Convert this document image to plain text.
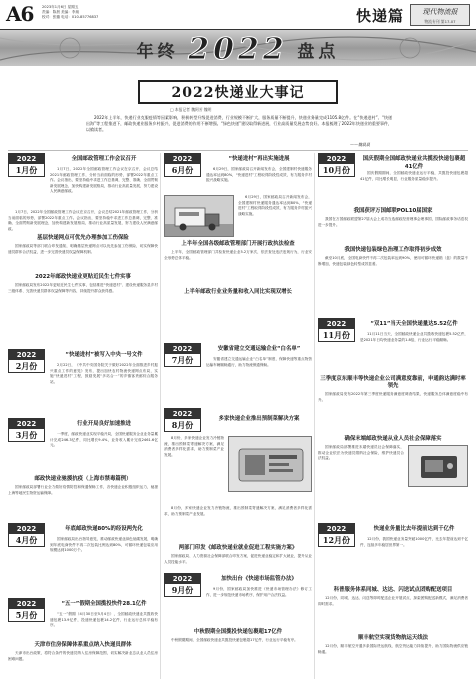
A6 2023年1月6日 星期五
责编：陈晨 美编：李朋
校对：张璐 电话：010-85776837	快递篇	现代物流报
物流专刊 第17-07
年终 2022 盘点
2022快递业大事记
□ 本报记者 魏阿芳 魏明
2022年上半年，快递行业克服疫情等因素影响，积极转型升级促进消费，行业规模不断扩大，服务质量不断提升，快递业务量完成1105.8亿件。在“快递进村”、“快递出海”等工程推进下，邮政快递业服务乡村振兴、促进消费的作用不断增强。“绿色快递”建设取得新进展，行业高质量发展态势良好。本报梳理了2022年快递业的重要事件，以飨读者。
——魏晨晨
2022
1月份
全国邮政管理工作会议召开
1月7日，2022年全国邮政管理工作会议在京召开，会议总结2021年邮政管理工作，分析当前面临的形势，部署2022年重点工作。会议指出，要坚持稳中求进工作总基调，完整、准确、全面贯彻新发展理念，加快构建新发展格局，推动行业高质量发展，努力建设人民满意邮政。
1月7日，2022年全国邮政管理工作会议在京召开，会议总结2021年邮政管理工作，分析当前面临的形势，部署2022年重点工作。会议指出，要坚持稳中求进工作总基调，完整、准确、全面贯彻新发展理念，加快构建新发展格局，推动行业高质量发展，努力建设人民满意邮政。
基层快递网点可优先办理参加工伤保险
国家邮政局等部门联合印发通知，明确基层快递网点可以优先参加工伤保险，切实保障快递员群体合法权益，进一步完善快递员权益保障机制。
2022年邮政快递业更贴近民生七件实事
国家邮政局发布2022年更贴近民生七件实事，包括推进“快递进村”、建设快递服务县乡村三级体系、完善快递员群体权益保障等内容，持续提升群众获得感。
2022
2月份
“快递进村”被写入中央一号文件
2月22日，《中共中央国务院关于做好2022年全面推进乡村振兴重点工作的意见》发布，提出加快农村物流快递网点布局，实施“快递进村”工程，鼓励发展“多站合一”的乡镇客货邮综合服务站。
2022
3月份
行业开局良好加速推进
一季度，邮政快递业实现平稳开局，全国快递服务企业业务量累计完成246.3亿件，同比增长9.4%，业务收入累计完成2461.6亿元。
邮政快递业驰援抗疫（上海市禁毒篇例）
国家邮政局部署行业全力做好疫情防控和保通保畅工作，各快递企业积极组织运力，驰援上海等地民生物资运输保障。
2022
4月份
年底邮政快递80%的经设两先化
国家邮政局出台指导意见，推动邮政快递业绿色低碳发展，明确到年底电商快件不再二次包装比例达到80%，可循环快递包装应用规模达到1000万个。
2022
5月份
“五一”假期全国揽投快件28.1亿件
“五一”假期（4月30日至5月4日），全国邮政快递业共揽收快递包裹13.9亿件，投递快递包裹14.2亿件，行业运行总体平稳有序。
天津市住房保障体系重点纳入快递员群体
天津市出台政策，将符合条件的快递员纳入住房保障范围，切实解决新业态从业人员住房困难问题。
2022
6月份
“快递进村”再出实施进展
6月29日，国家邮政局召开新闻发布会，全国建制村快递服务通达率达到80%，“快递进村”工程取得阶段性成效，有力服务乡村振兴战略实施。
6月29日，国家邮政局召开新闻发布会，全国建制村快递服务通达率达到80%，“快递进村”工程取得阶段性成效，有力服务乡村振兴战略实施。
上半年全国各级邮政管理部门开展行政执法检查
上半年，全国邮政管理部门共检查快递企业5.2万家次，依法查处违法违规行为，行业安全形势总体平稳。
上半年邮政行业业务量和收入同比实现双增长
2022
7月份
安徽省建立交通运输企业“白名单”
安徽省建立交通运输企业“白名单”制度，保障快递等重点物资运输车辆顺畅通行，助力物流保通保畅。
2022
8月份
多家快递企业推出预制菜解决方案
8月份，多家快递企业发力冷链物流，推出预制菜寄递解决方案，满足消费者多样化需求，助力预制菜产业发展。
8月份，多家快递企业发力冷链物流，推出预制菜寄递解决方案，满足消费者多样化需求，助力预制菜产业发展。
两部门印发《邮政快递业就业促进工程实施方案》
国家邮政局、人力资源社会保障部联合印发方案，促进快递业稳定和扩大就业，提升从业人员技能水平。
2022
9月份
加快出台《快递市场监管办法》
9月份，国家邮政局加快推进《快递市场管理办法》修订工作，进一步规范快递市场秩序，保护用户合法权益。
中秋假期全国揽投快递包裹超17亿件
中秋假期期间，全国邮政快递业共揽投快递包裹超17亿件，行业运行平稳有序。
2022
10月份
国庆假期全国邮政快递业共揽投快递包裹超41亿件
国庆假期期间，全国邮政快递业运行平稳，共揽投快递包裹超41亿件，同比增长明显，行业服务质量稳步提升。
我国获评万国邮联POL10届国家
我国在万国邮政联盟第27届大会上成功当选邮政经营理事会理事国，国际邮政事务话语权进一步提升。
我国快递包装绿色治理工作取得初步成效
截至10月底，全国电商快件不再二次包装率达到90%，使用可循环快递箱（盒）的数量不断增加，快递包装绿色转型成效显著。
2022
11月份
“双11”当天全国快递量达5.52亿件
11月11日当天，全国邮政快递企业共揽收快递包裹5.52亿件，是2021年日均快递业务量的1.8倍，行业运行平稳顺畅。
三季度京东顺丰等快递企业公司满意度靠前，申通韵达满时率领先
国家邮政局发布2022年第三季度快递服务满意度调查结果，快递服务总体满意度稳中有升。
确保末端邮政快递从业人员社会保障落实
国家邮政局部署推进末端快递员社会保障落实，推动企业依法为快递员缴纳社会保险，维护快递员合法权益。
2022
12月份
快递业务量比去年提前达到千亿件
12月份，我国快递业务量突破1000亿件，比去年提前达到千亿件，连续多年稳居世界第一。
科普服务体系同城、达达、闪送试点团购配送项目
12月份，同城、达达、闪送等即时配送企业开展试点，探索团购配送新模式，满足消费者即时需求。
顺丰航空实现货物航运天线法
12月份，顺丰航空开通多条国际货运航线，航空货运能力持续提升，助力国际物流供应链畅通。
